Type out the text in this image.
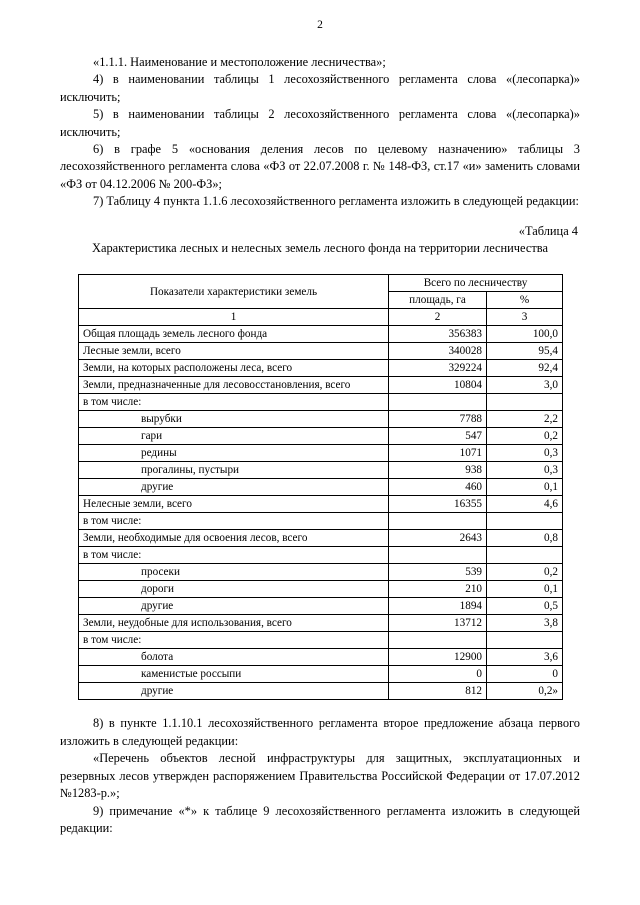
2

«1.1.1. Наименование и местоположение лесничества»;

4) в наименовании таблицы 1 лесохозяйственного регламента слова «(лесопарка)» исключить;

5) в наименовании таблицы 2 лесохозяйственного регламента слова «(лесопарка)» исключить;

6) в графе 5 «основания деления лесов по целевому назначению» таблицы 3 лесохозяйственного регламента слова «ФЗ от 22.07.2008 г. № 148-ФЗ, ст.17 «и» заменить словами «ФЗ от 04.12.2006 № 200-ФЗ»;

7) Таблицу 4 пункта 1.1.6 лесохозяйственного регламента изложить в следующей редакции:

«Таблица 4

Характеристика лесных и нелесных земель лесного фонда на территории лесничества

Показатели характеристики земель	Всего по лесничеству	
	площадь, га	%
1	2	3
Общая площадь земель лесного фонда	356383	100,0
Лесные земли, всего	340028	95,4
Земли, на которых расположены леса, всего	329224	92,4
Земли, предназначенные для лесовосстановления, всего	10804	3,0
в том числе:		
вырубки	7788	2,2
гари	547	0,2
редины	1071	0,3
прогалины, пустыри	938	0,3
другие	460	0,1
Нелесные земли, всего	16355	4,6
в том числе:		
Земли, необходимые для освоения лесов, всего	2643	0,8
в том числе:		
просеки	539	0,2
дороги	210	0,1
другие	1894	0,5
Земли, неудобные для использования, всего	13712	3,8
в том числе:		
болота	12900	3,6
каменистые россыпи	0	0
другие	812	0,2»

8) в пункте 1.1.10.1 лесохозяйственного регламента второе предложение абзаца первого изложить в следующей редакции:

«Перечень объектов лесной инфраструктуры для защитных, эксплуатационных и резервных лесов утвержден распоряжением Правительства Российской Федерации от 17.07.2012 №1283-р.»;

9) примечание «*» к таблице 9 лесохозяйственного регламента изложить в следующей редакции:
